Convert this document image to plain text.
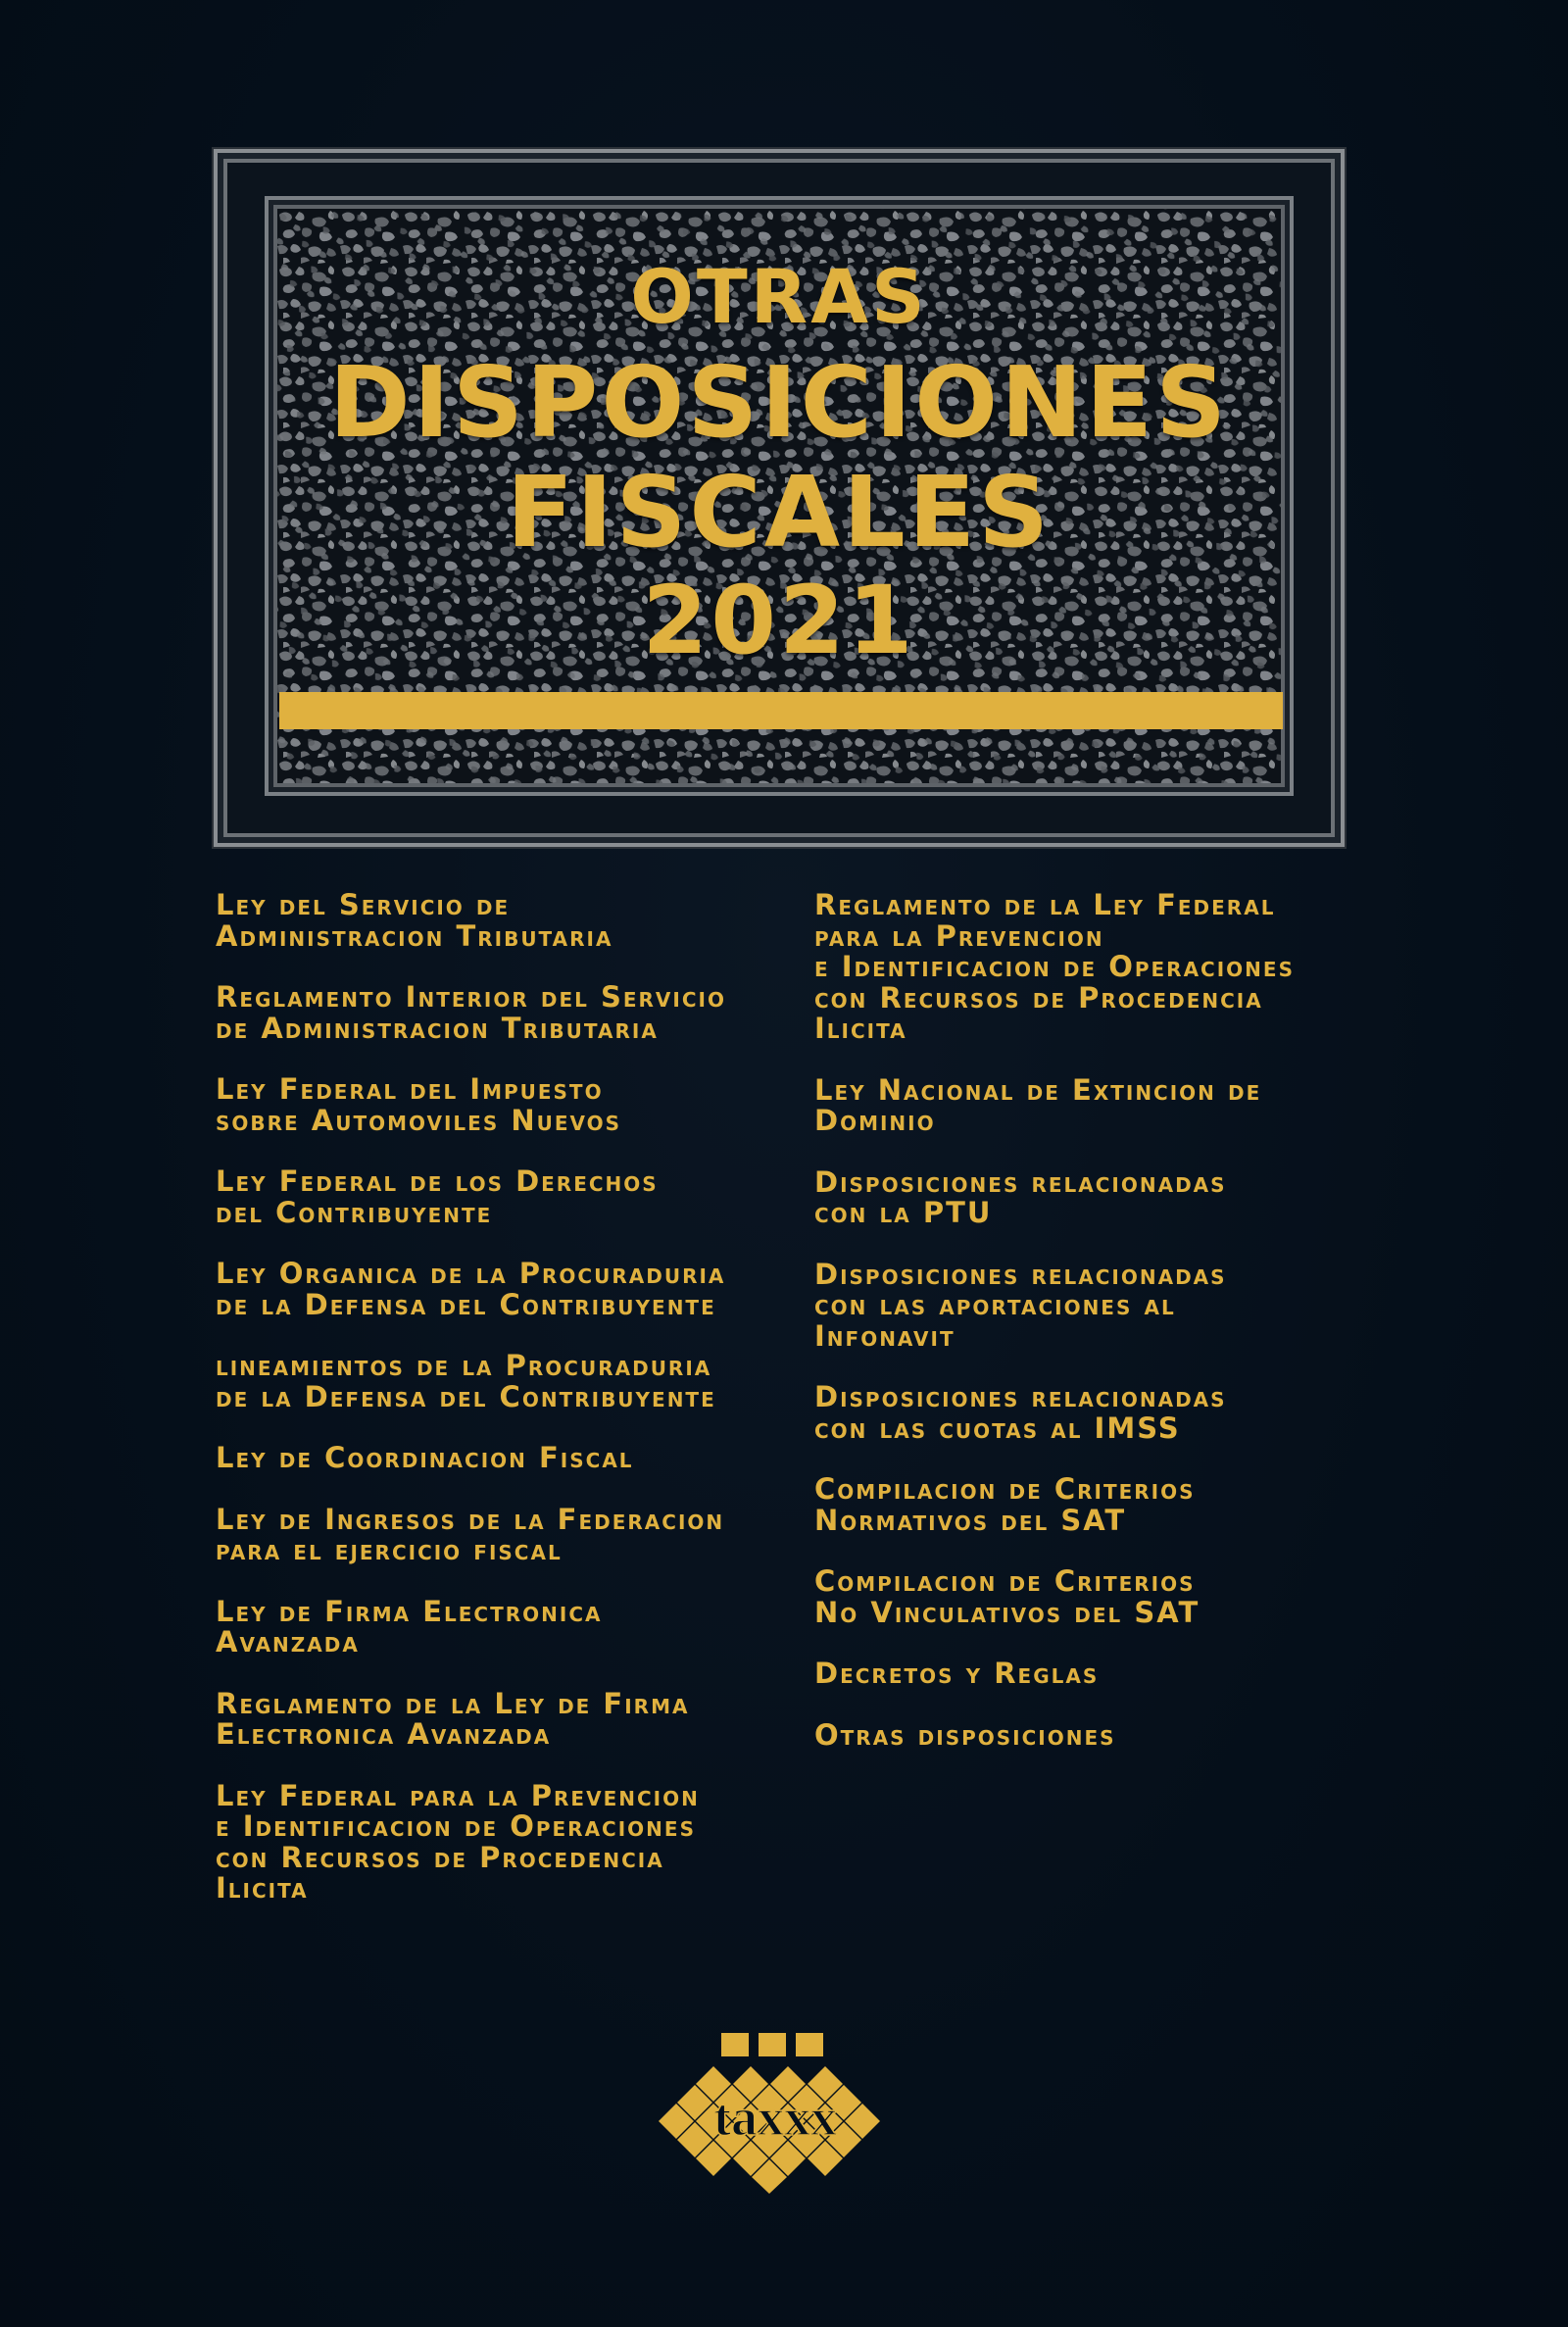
OTRAS
DISPOSICIONES
FISCALES
2021
Ley del Servicio de
Administracion Tributaria
Reglamento Interior del Servicio
de Administracion Tributaria
Ley Federal del Impuesto
sobre Automoviles Nuevos
Ley Federal de los Derechos
del Contribuyente
Ley Organica de la Procuraduria
de la Defensa del Contribuyente
lineamientos de la Procuraduria
de la Defensa del Contribuyente
Ley de Coordinacion Fiscal
Ley de Ingresos de la Federacion
para el ejercicio fiscal
Ley de Firma Electronica
Avanzada
Reglamento de la Ley de Firma
Electronica Avanzada
Ley Federal para la Prevencion
e Identificacion de Operaciones
con Recursos de Procedencia
Ilicita
Reglamento de la Ley Federal
para la Prevencion
e Identificacion de Operaciones
con Recursos de Procedencia
Ilicita
Ley Nacional de Extincion de
Dominio
Disposiciones relacionadas
con la PTU
Disposiciones relacionadas
con las aportaciones al
Infonavit
Disposiciones relacionadas
con las cuotas al IMSS
Compilacion de Criterios
Normativos del SAT
Compilacion de Criterios
No Vinculativos del SAT
Decretos y Reglas
Otras disposiciones
taxxx
